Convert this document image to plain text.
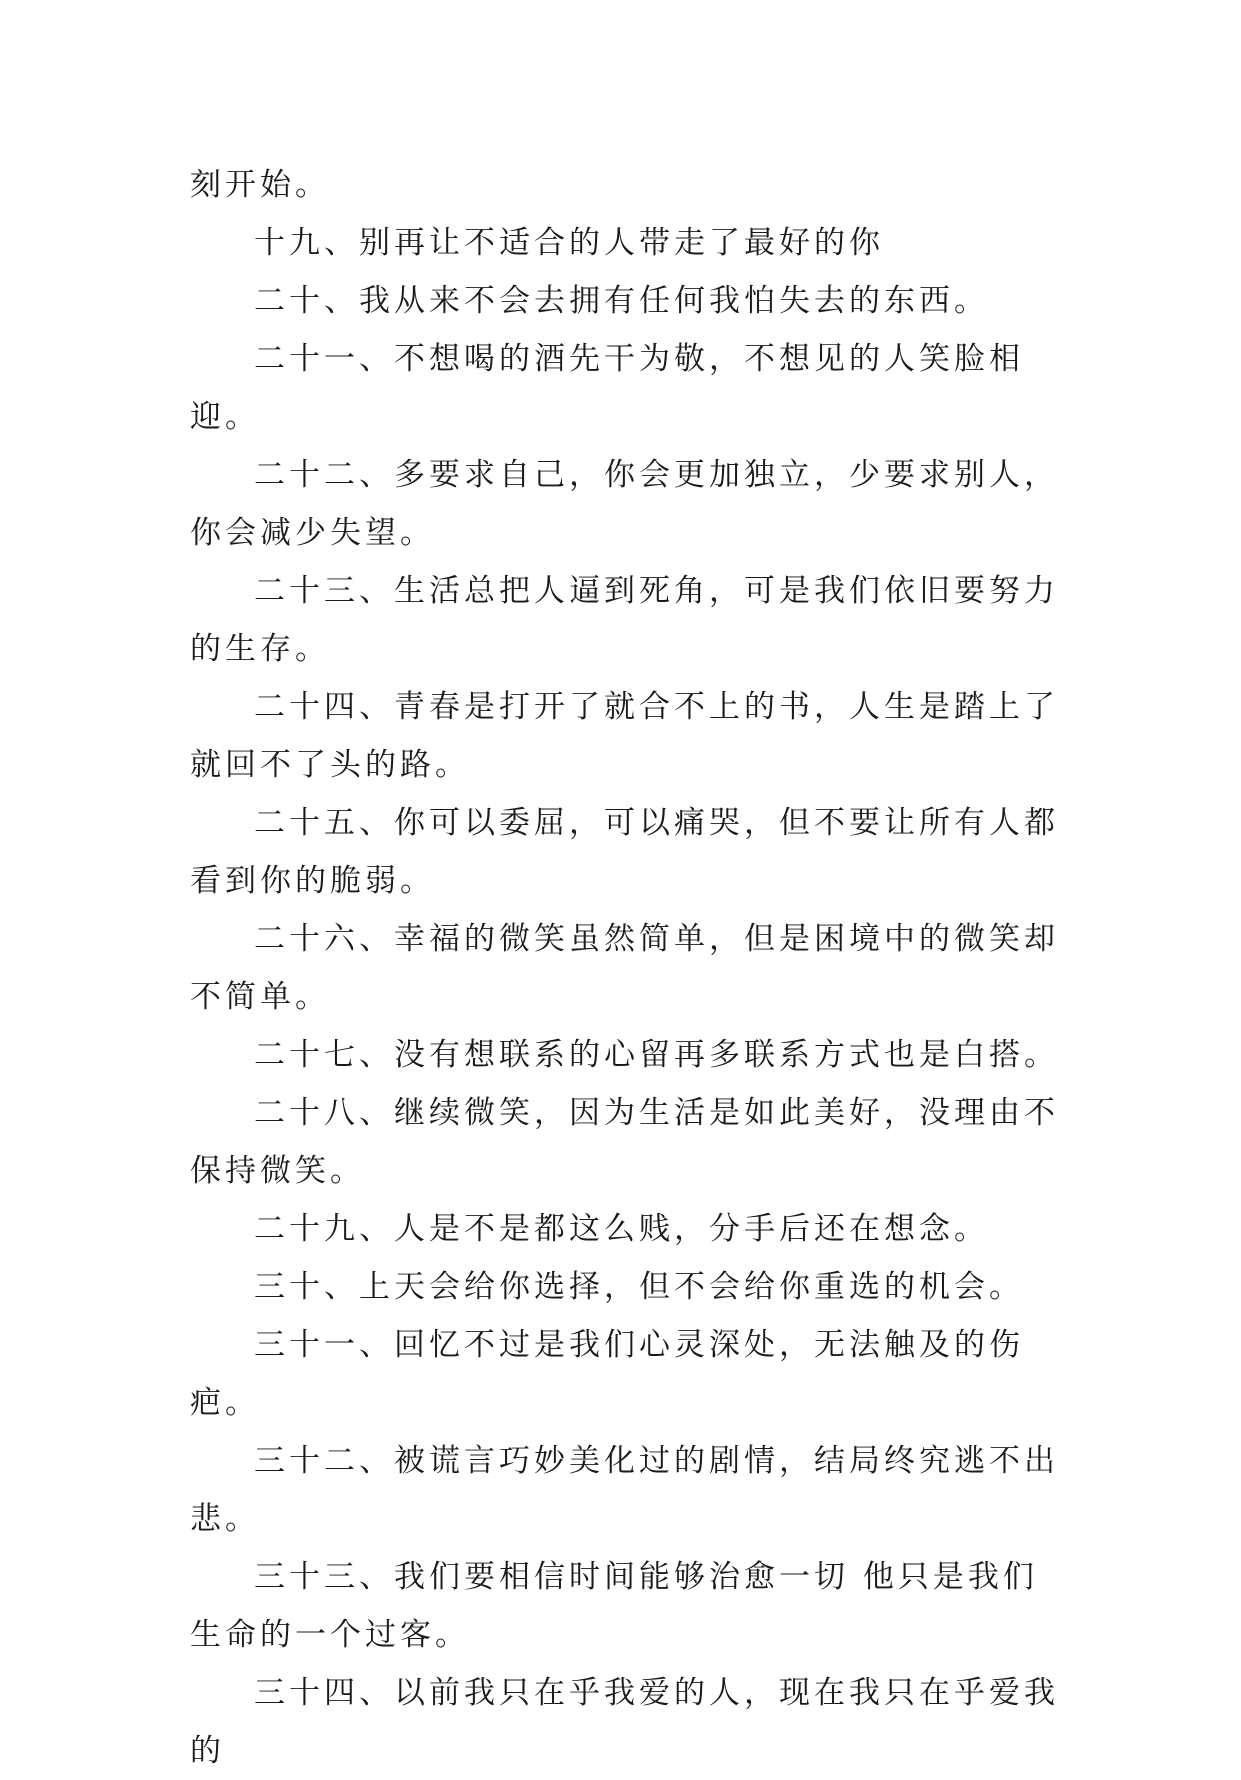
刻开始。

十九、别再让不适合的人带走了最好的你

二十、我从来不会去拥有任何我怕失去的东西。

二十一、不想喝的酒先干为敬，不想见的人笑脸相迎。

二十二、多要求自己，你会更加独立，少要求别人，你会减少失望。

二十三、生活总把人逼到死角，可是我们依旧要努力的生存。

二十四、青春是打开了就合不上的书，人生是踏上了就回不了头的路。

二十五、你可以委屈，可以痛哭，但不要让所有人都看到你的脆弱。

二十六、幸福的微笑虽然简单，但是困境中的微笑却不简单。

二十七、没有想联系的心留再多联系方式也是白搭。

二十八、继续微笑，因为生活是如此美好，没理由不保持微笑。

二十九、人是不是都这么贱，分手后还在想念。

三十、上天会给你选择，但不会给你重选的机会。

三十一、回忆不过是我们心灵深处，无法触及的伤疤。

三十二、被谎言巧妙美化过的剧情，结局终究逃不出悲。

三十三、我们要相信时间能够治愈一切 他只是我们生命的一个过客。

三十四、以前我只在乎我爱的人，现在我只在乎爱我的
